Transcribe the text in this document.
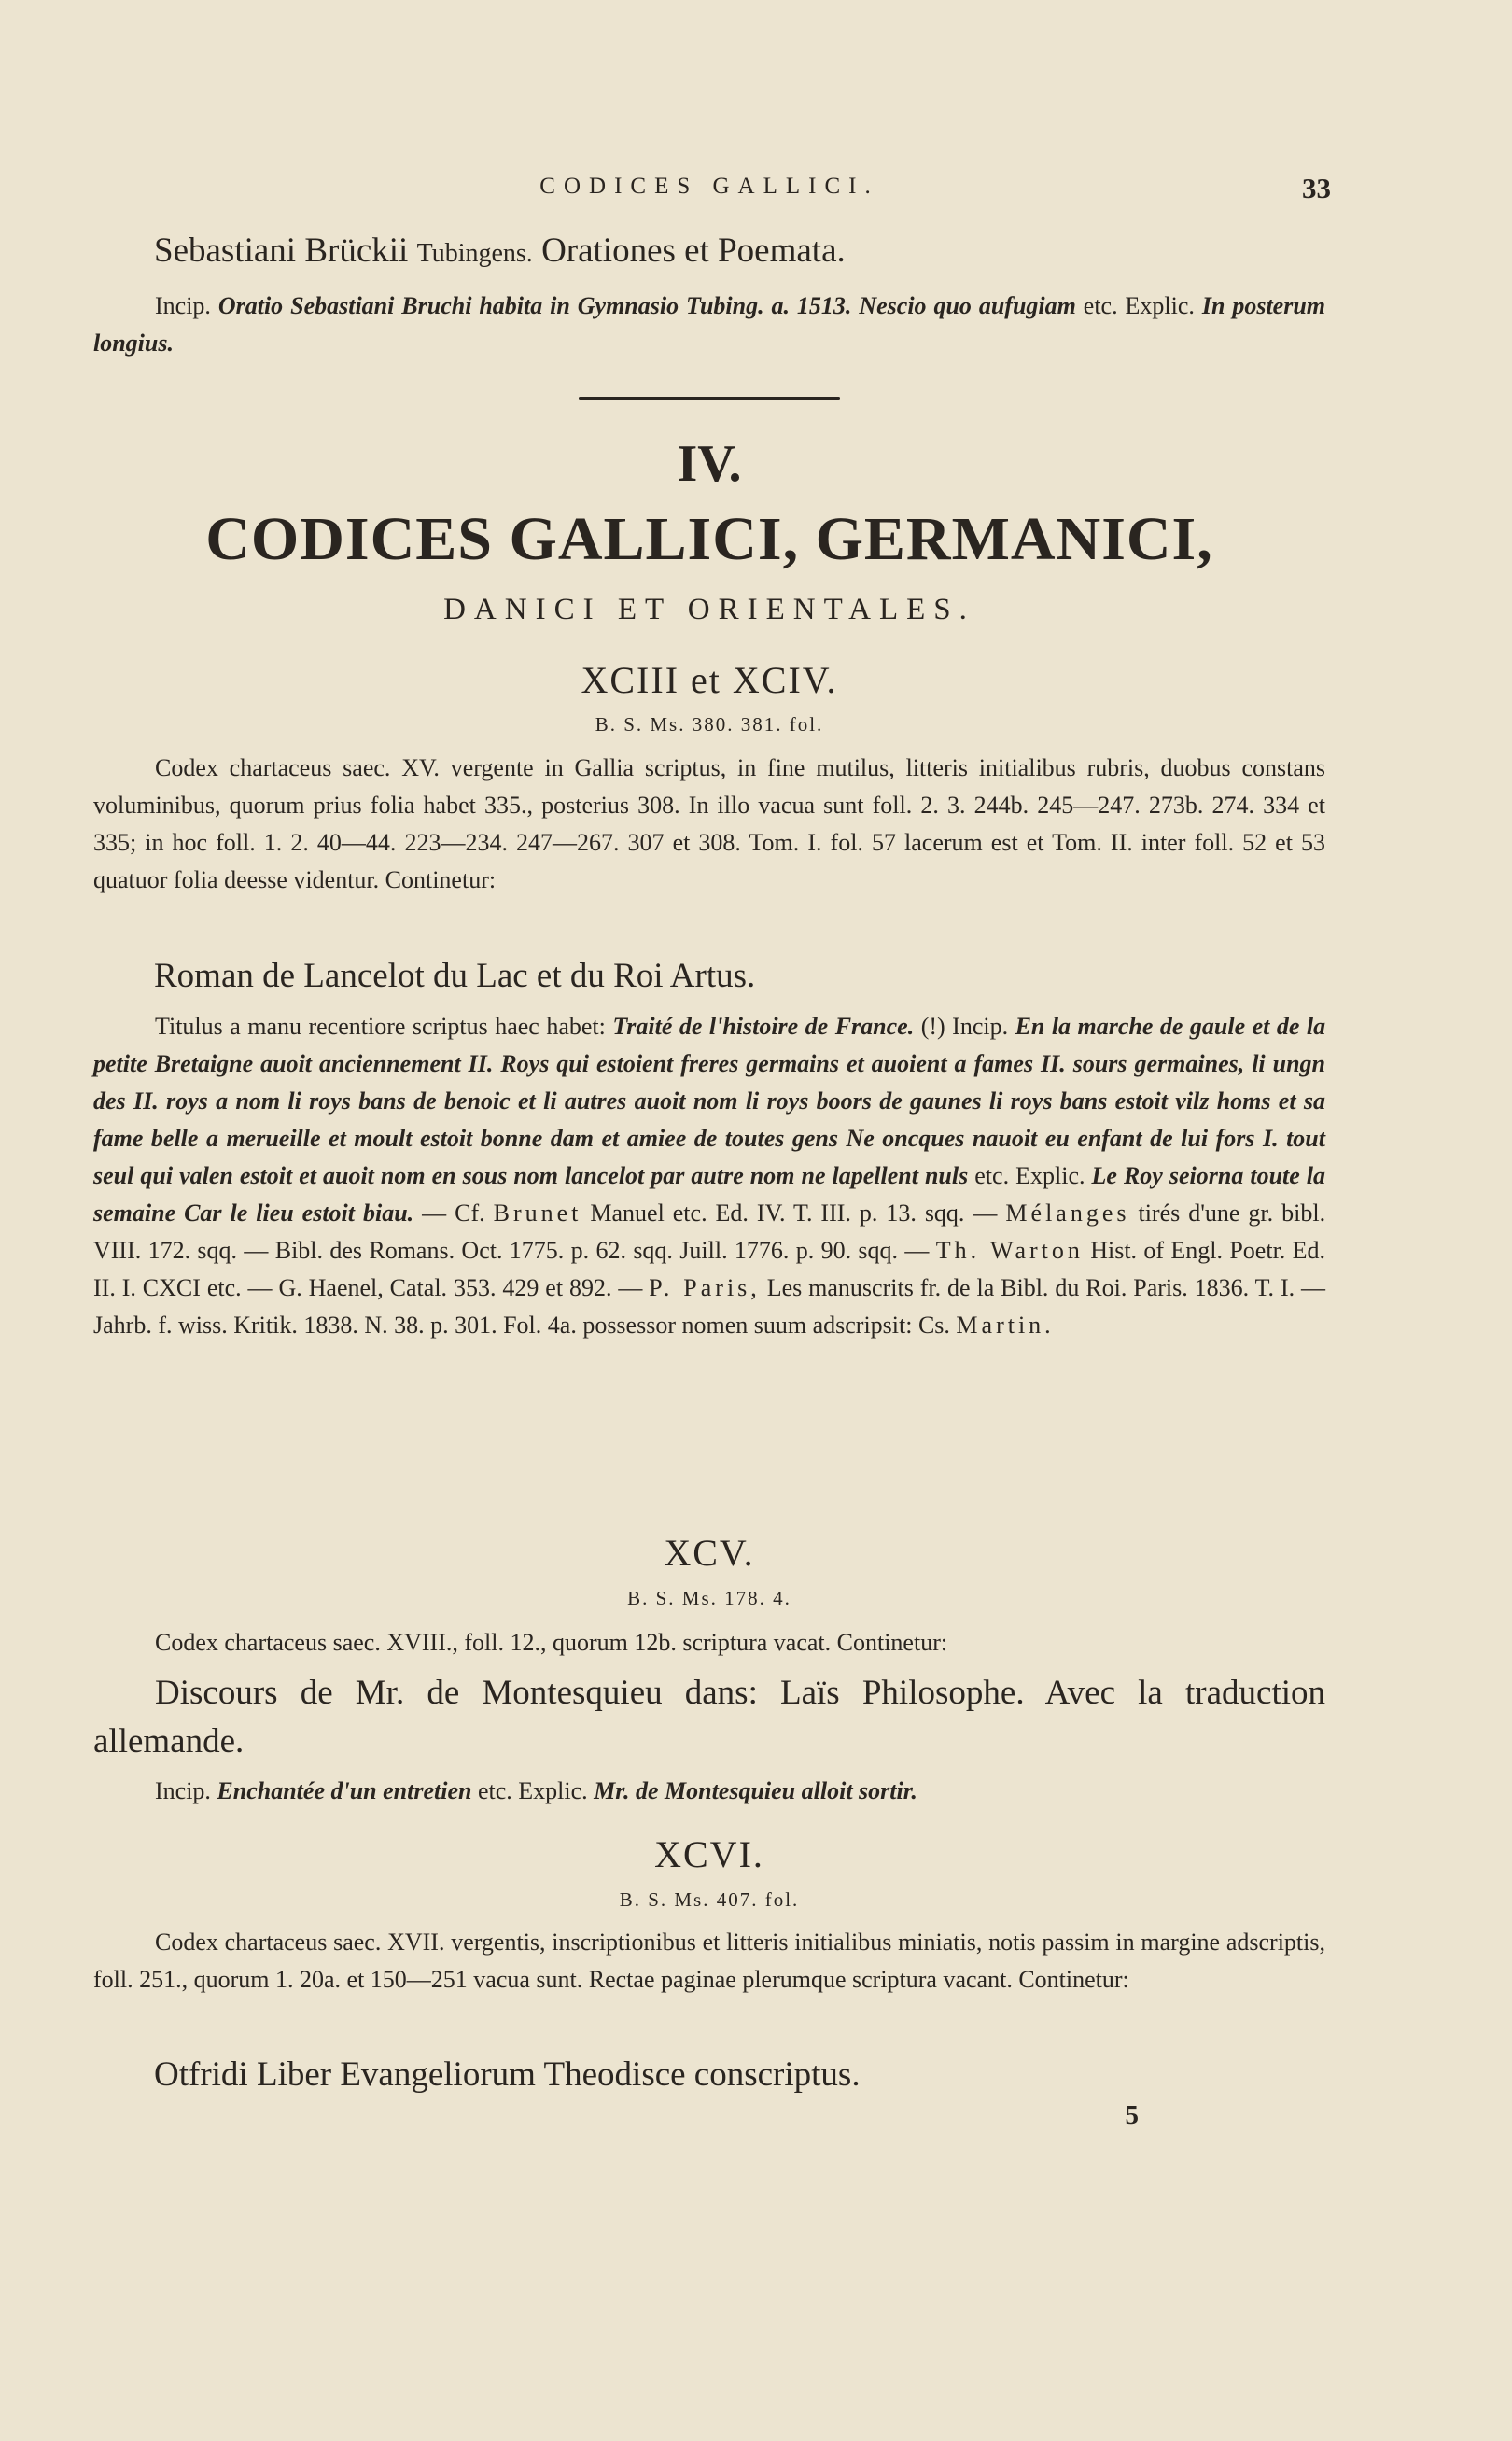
CODICES GALLICI.	33

Sebastiani Brückii Tubingens. Orationes et Poemata.

Incip. Oratio Sebastiani Bruchi habita in Gymnasio Tubing. a. 1513. Nescio quo aufugiam etc. Explic. In posterum longius.

IV.

CODICES GALLICI, GERMANICI,

DANICI ET ORIENTALES.

XCIII et XCIV.

B. S. Ms. 380. 381. fol.

Codex chartaceus saec. XV. vergente in Gallia scriptus, in fine mutilus, litteris initialibus rubris, duobus constans voluminibus, quorum prius folia habet 335., posterius 308. In illo vacua sunt foll. 2. 3. 244b. 245—247. 273b. 274. 334 et 335; in hoc foll. 1. 2. 40—44. 223—234. 247—267. 307 et 308. Tom. I. fol. 57 lacerum est et Tom. II. inter foll. 52 et 53 quatuor folia deesse videntur. Continetur:

Roman de Lancelot du Lac et du Roi Artus.

Titulus a manu recentiore scriptus haec habet: Traité de l'histoire de France. (!) Incip. En la marche de gaule et de la petite Bretaigne auoit anciennement II. Roys qui estoient freres germains et auoient a fames II. sours germaines, li ungn des II. roys a nom li roys bans de benoic et li autres auoit nom li roys boors de gaunes li roys bans estoit vilz homs et sa fame belle a merueille et moult estoit bonne dam et amiee de toutes gens Ne oncques nauoit eu enfant de lui fors I. tout seul qui valen estoit et auoit nom en sous nom lancelot par autre nom ne lapellent nuls etc. Explic. Le Roy seiorna toute la semaine Car le lieu estoit biau. — Cf. Brunet Manuel etc. Ed. IV. T. III. p. 13. sqq. — Mélanges tirés d'une gr. bibl. VIII. 172. sqq. — Bibl. des Romans. Oct. 1775. p. 62. sqq. Juill. 1776. p. 90. sqq. — Th. Warton Hist. of Engl. Poetr. Ed. II. I. CXCI etc. — G. Haenel, Catal. 353. 429 et 892. — P. Paris, Les manuscrits fr. de la Bibl. du Roi. Paris. 1836. T. I. — Jahrb. f. wiss. Kritik. 1838. N. 38. p. 301. Fol. 4a. possessor nomen suum adscripsit: Cs. Martin.

XCV.

B. S. Ms. 178. 4.

Codex chartaceus saec. XVIII., foll. 12., quorum 12b. scriptura vacat. Continetur:

Discours de Mr. de Montesquieu dans: Laïs Philosophe. Avec la traduction allemande.

Incip. Enchantée d'un entretien etc. Explic. Mr. de Montesquieu alloit sortir.

XCVI.

B. S. Ms. 407. fol.

Codex chartaceus saec. XVII. vergentis, inscriptionibus et litteris initialibus miniatis, notis passim in margine adscriptis, foll. 251., quorum 1. 20a. et 150—251 vacua sunt. Rectae paginae plerumque scriptura vacant. Continetur:

Otfridi Liber Evangeliorum Theodisce conscriptus.

5
